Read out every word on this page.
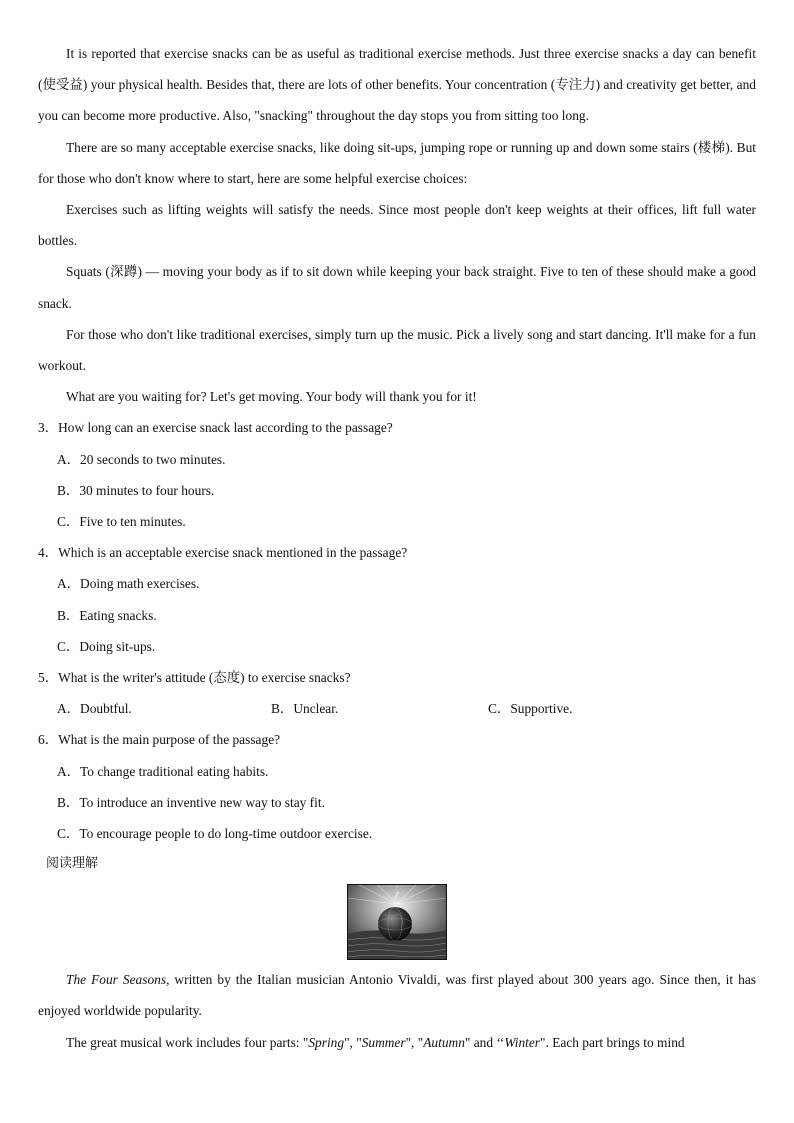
It is reported that exercise snacks can be as useful as traditional exercise methods. Just three exercise snacks a day can benefit (使受益) your physical health. Besides that, there are lots of other benefits. Your concentration (专注力) and creativity get better, and you can become more productive. Also, "snacking" throughout the day stops you from sitting too long.

There are so many acceptable exercise snacks, like doing sit-ups, jumping rope or running up and down some stairs (楼梯). But for those who don't know where to start, here are some helpful exercise choices:

Exercises such as lifting weights will satisfy the needs. Since most people don't keep weights at their offices, lift full water bottles.

Squats (深蹲) — moving your body as if to sit down while keeping your back straight. Five to ten of these should make a good snack.

For those who don't like traditional exercises, simply turn up the music. Pick a lively song and start dancing. It'll make for a fun workout.

What are you waiting for? Let's get moving. Your body will thank you for it!

3．How long can an exercise snack last according to the passage?

A．20 seconds to two minutes.

B．30 minutes to four hours.

C．Five to ten minutes.

4．Which is an acceptable exercise snack mentioned in the passage?

A．Doing math exercises.

B．Eating snacks.

C．Doing sit-ups.

5．What is the writer's attitude (态度) to exercise snacks?

A．Doubtful.	B．Unclear.	C．Supportive.

6．What is the main purpose of the passage?

A．To change traditional eating habits.

B．To introduce an inventive new way to stay fit.

C．To encourage people to do long-time outdoor exercise.

阅读理解

The Four Seasons, written by the Italian musician Antonio Vivaldi, was first played about 300 years ago. Since then, it has enjoyed worldwide popularity.

The great musical work includes four parts: "Spring", "Summer", "Autumn" and ‘‘Winter". Each part brings to mind
